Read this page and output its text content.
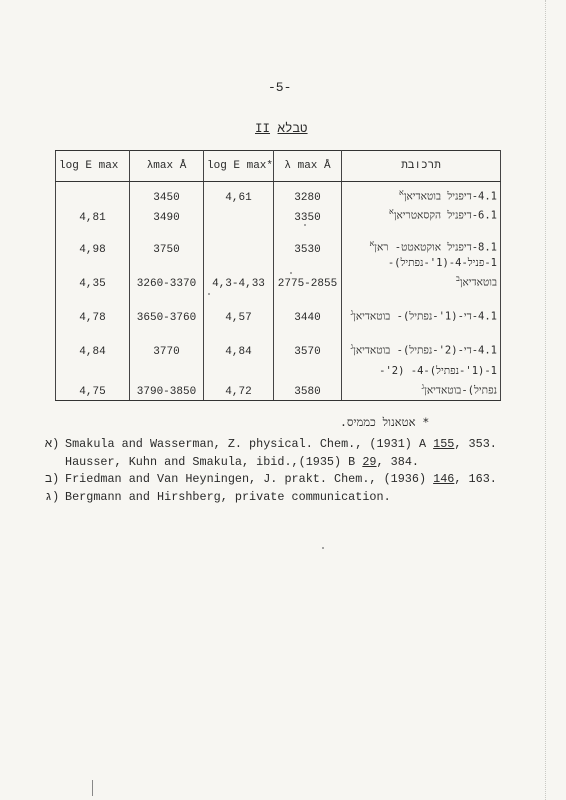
-5-
טבלא II
log E max	λmax Å	log E max*	λ max Å	תרכובת
	3450	4,61	3280	4.1-דיפניל בוטאדיאן$^א$
4,81	3490		3350	6.1-דיפניל הקסאטריאן$^א$
4,98	3750		3530	8.1-דיפניל אוקטאטט- ראן$^א$
4,35	3260-3370	4,3-4,33	2775-2855	1-פניל-4-(1'-נפתיל)- בוטאדיאן$^ב$
4,78	3650-3760	4,57	3440	4.1-די-(1'-נפתיל)- בוטאדיאן$^ג$
4,84	3770	4,84	3570	4.1-די-(2'-נפתיל)- בוטאדיאן$^ג$
4,75	3790-3850	4,72	3580	1-(1'-נפתיל)-4- (2'-נפתיל)-בוטאדיאן$^ג$
* אטאנול כממיס.
א) Smakula and Wasserman, Z. physical. Chem., (1931) A 155, 353.
Hausser, Kuhn and Smakula, ibid.,(1935) B 29, 384.
ב) Friedman and Van Heyningen, J. prakt. Chem., (1936) 146, 163.
ג) Bergmann and Hirshberg, private communication.
